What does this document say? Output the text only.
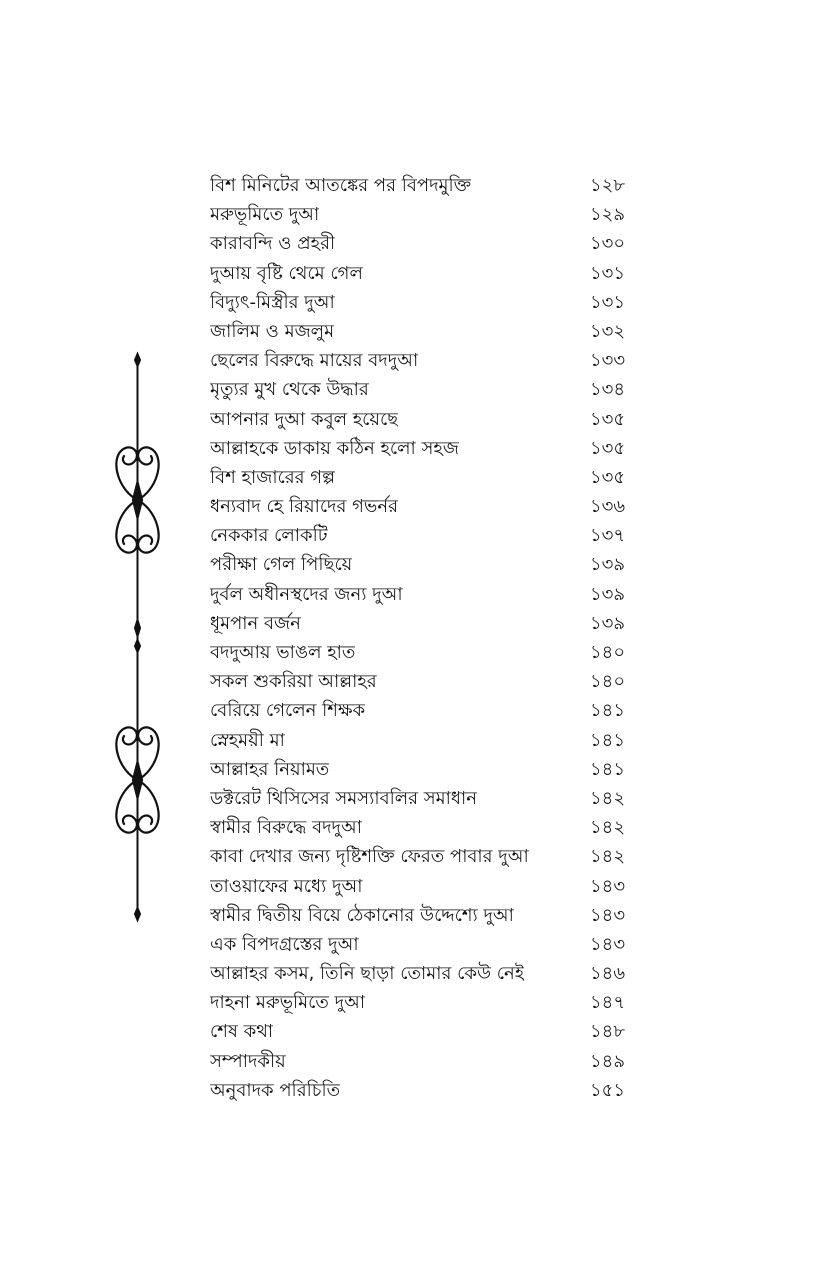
বিশ মিনিটের আতঙ্কের পর বিপদমুক্তি	১২৮
মরুভূমিতে দুআ	১২৯
কারাবন্দি ও প্রহরী	১৩০
দুআয় বৃষ্টি থেমে গেল	১৩১
বিদ্যুৎ-মিস্ত্রীর দুআ	১৩১
জালিম ও মজলুম	১৩২
ছেলের বিরুদ্ধে মায়ের বদদুআ	১৩৩
মৃত্যুর মুখ থেকে উদ্ধার	১৩৪
আপনার দুআ কবুল হয়েছে	১৩৫
আল্লাহকে ডাকায় কঠিন হলো সহজ	১৩৫
বিশ হাজারের গল্প	১৩৫
ধন্যবাদ হে রিয়াদের গভর্নর	১৩৬
নেককার লোকটি	১৩৭
পরীক্ষা গেল পিছিয়ে	১৩৯
দুর্বল অধীনস্থদের জন্য দুআ	১৩৯
ধূমপান বর্জন	১৩৯
বদদুআয় ভাঙল হাত	১৪০
সকল শুকরিয়া আল্লাহর	১৪০
বেরিয়ে গেলেন শিক্ষক	১৪১
স্নেহময়ী মা	১৪১
আল্লাহর নিয়ামত	১৪১
ডক্টরেট থিসিসের সমস্যাবলির সমাধান	১৪২
স্বামীর বিরুদ্ধে বদদুআ	১৪২
কাবা দেখার জন্য দৃষ্টিশক্তি ফেরত পাবার দুআ	১৪২
তাওয়াফের মধ্যে দুআ	১৪৩
স্বামীর দ্বিতীয় বিয়ে ঠেকানোর উদ্দেশ্যে দুআ	১৪৩
এক বিপদগ্রস্তের দুআ	১৪৩
আল্লাহর কসম, তিনি ছাড়া তোমার কেউ নেই	১৪৬
দাহনা মরুভূমিতে দুআ	১৪৭
শেষ কথা	১৪৮
সম্পাদকীয়	১৪৯
অনুবাদক পরিচিতি	১৫১
